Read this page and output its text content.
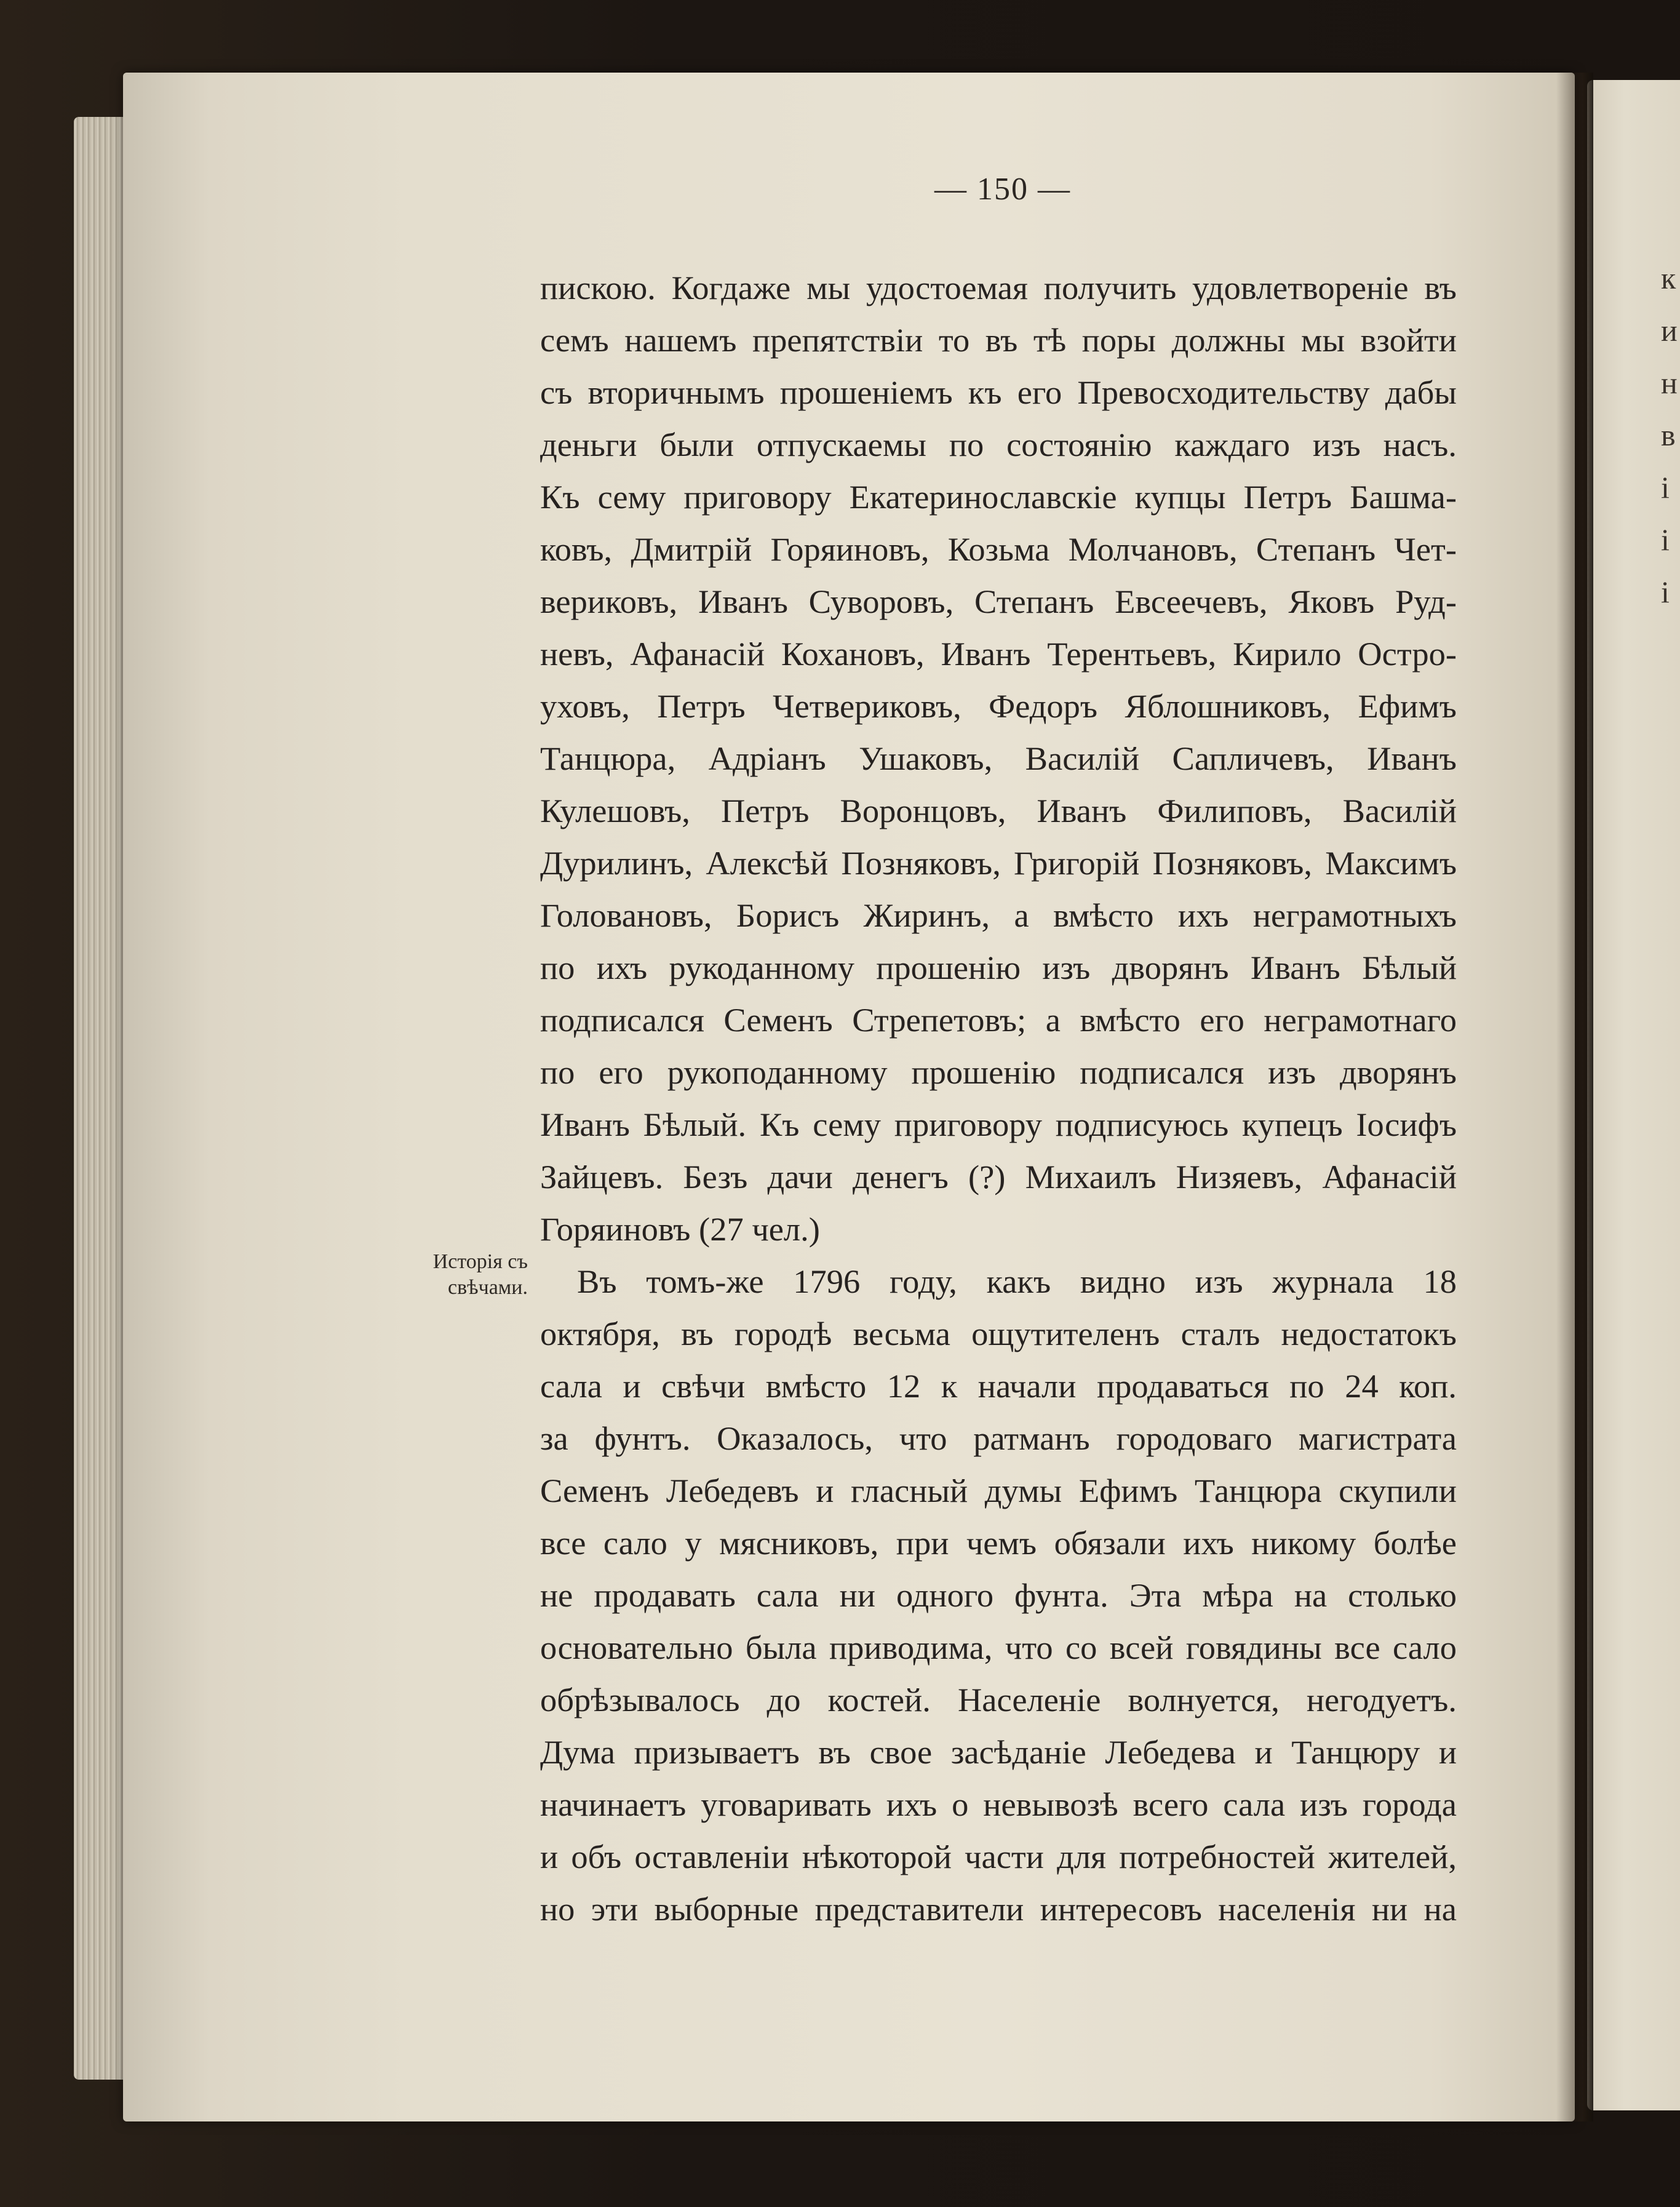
— 150 —
Исторія съ
свѣчами.
пискою. Когдаже мы удостоемая получить удовлетвореніе въ
семъ нашемъ препятствіи то въ тѣ поры должны мы взойти
съ вторичнымъ прошеніемъ къ его Превосходительству дабы
деньги были отпускаемы по состоянію каждаго изъ насъ.
Къ сему приговору Екатеринославскіе купцы Петръ Башма-
ковъ, Дмитрій Горяиновъ, Козьма Молчановъ, Степанъ Чет-
вериковъ, Иванъ Суворовъ, Степанъ Евсеечевъ, Яковъ Руд-
невъ, Афанасій Кохановъ, Иванъ Терентьевъ, Кирило Остро-
уховъ, Петръ Четвериковъ, Федоръ Яблошниковъ, Ефимъ
Танцюра, Адріанъ Ушаковъ, Василій Сапличевъ, Иванъ
Кулешовъ, Петръ Воронцовъ, Иванъ Филиповъ, Василій
Дурилинъ, Алексѣй Позняковъ, Григорій Позняковъ, Максимъ
Головановъ, Борисъ Жиринъ, а вмѣсто ихъ неграмотныхъ
по ихъ рукоданному прошенію изъ дворянъ Иванъ Бѣлый
подписался Семенъ Стрепетовъ; а вмѣсто его неграмотнаго
по его рукоподанному прошенію подписался изъ дворянъ
Иванъ Бѣлый. Къ сему приговору подписуюсь купецъ Іосифъ
Зайцевъ. Безъ дачи денегъ (?) Михаилъ Низяевъ, Афанасій
Горяиновъ (27 чел.)
Въ томъ-же 1796 году, какъ видно изъ журнала 18
октября, въ городѣ весьма ощутителенъ сталъ недостатокъ
сала и свѣчи вмѣсто 12 к начали продаваться по 24 коп.
за фунтъ. Оказалось, что ратманъ городоваго магистрата
Семенъ Лебедевъ и гласный думы Ефимъ Танцюра скупили
все сало у мясниковъ, при чемъ обязали ихъ никому болѣе
не продавать сала ни одного фунта. Эта мѣра на столько
основательно была приводима, что со всей говядины все сало
обрѣзывалось до костей. Населеніе волнуется, негодуетъ.
Дума призываетъ въ свое засѣданіе Лебедева и Танцюру и
начинаетъ уговаривать ихъ о невывозѣ всего сала изъ города
и объ оставленіи нѣкоторой части для потребностей жителей,
но эти выборные представители интересовъ населенія ни на
к
и
н
в
і
і
і
